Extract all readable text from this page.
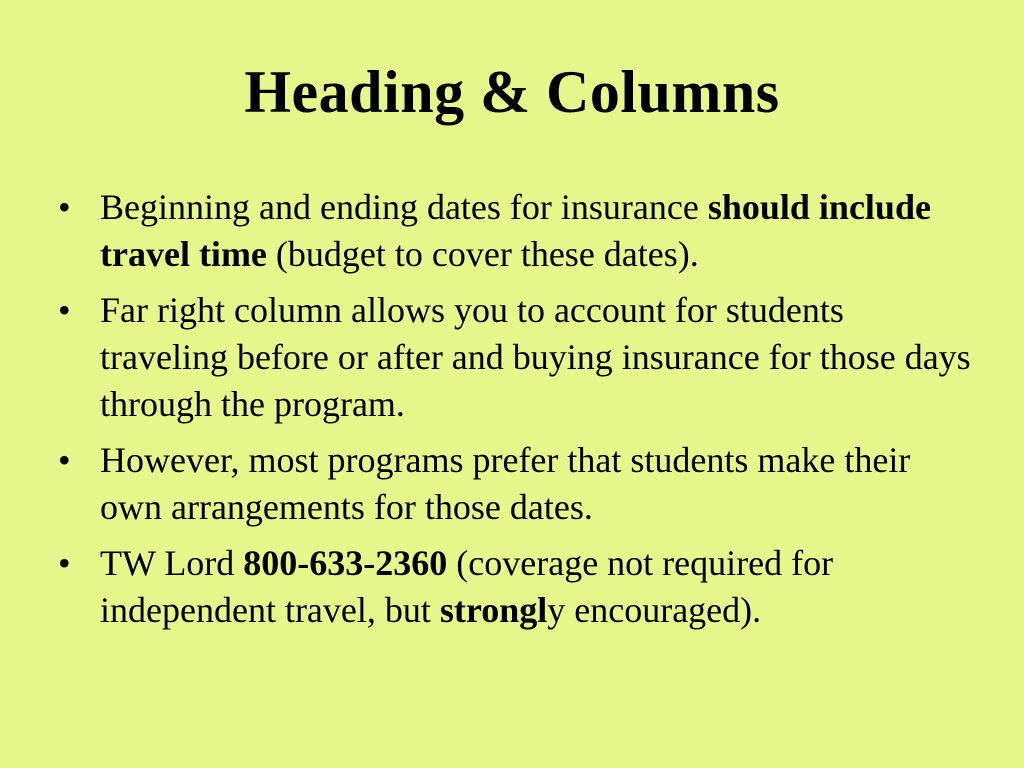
Heading & Columns
• Beginning and ending dates for insurance should include travel time (budget to cover these dates).
• Far right column allows you to account for students traveling before or after and buying insurance for those days through the program.
• However, most programs prefer that students make their own arrangements for those dates.
• TW Lord 800-633-2360 (coverage not required for independent travel, but strongly encouraged).
